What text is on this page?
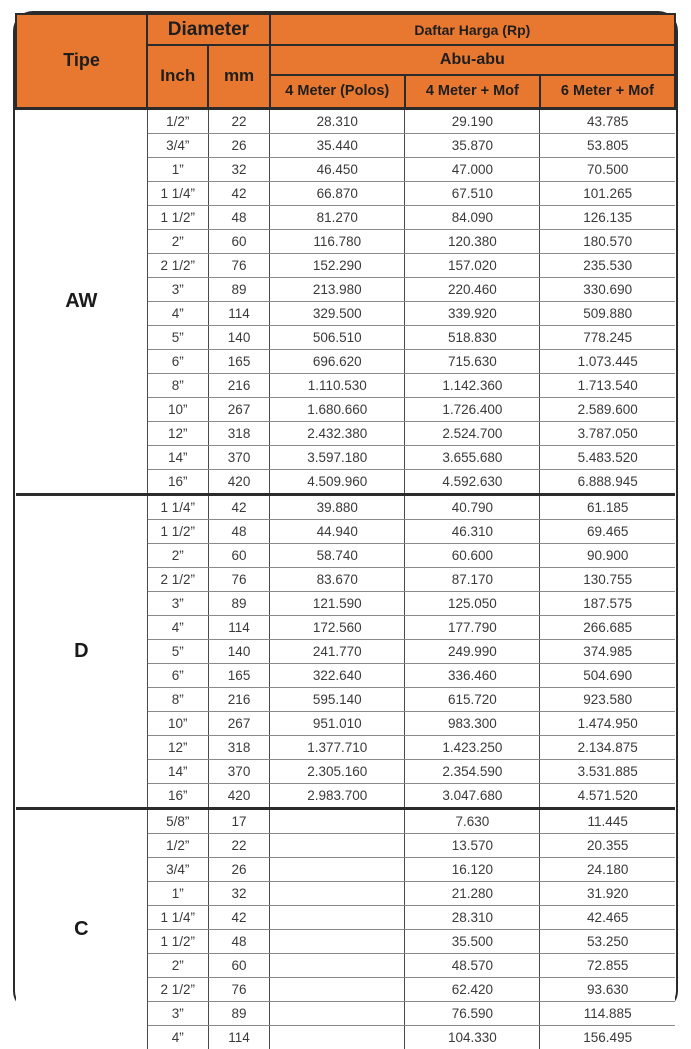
Tipe	Diameter		Daftar Harga (Rp)		
	Inch	mm	Abu-abu		
			4 Meter (Polos)	4 Meter + Mof	6 Meter + Mof
AW	1/2”	22	28.310	29.190	43.785
	3/4”	26	35.440	35.870	53.805
	1”	32	46.450	47.000	70.500
	1 1/4”	42	66.870	67.510	101.265
	1 1/2”	48	81.270	84.090	126.135
	2”	60	116.780	120.380	180.570
	2 1/2”	76	152.290	157.020	235.530
	3”	89	213.980	220.460	330.690
	4”	114	329.500	339.920	509.880
	5”	140	506.510	518.830	778.245
	6”	165	696.620	715.630	1.073.445
	8”	216	1.110.530	1.142.360	1.713.540
	10”	267	1.680.660	1.726.400	2.589.600
	12”	318	2.432.380	2.524.700	3.787.050
	14”	370	3.597.180	3.655.680	5.483.520
	16”	420	4.509.960	4.592.630	6.888.945
D	1 1/4”	42	39.880	40.790	61.185
	1 1/2”	48	44.940	46.310	69.465
	2”	60	58.740	60.600	90.900
	2 1/2”	76	83.670	87.170	130.755
	3”	89	121.590	125.050	187.575
	4”	114	172.560	177.790	266.685
	5”	140	241.770	249.990	374.985
	6”	165	322.640	336.460	504.690
	8”	216	595.140	615.720	923.580
	10”	267	951.010	983.300	1.474.950
	12”	318	1.377.710	1.423.250	2.134.875
	14”	370	2.305.160	2.354.590	3.531.885
	16”	420	2.983.700	3.047.680	4.571.520
C	5/8”	17		7.630	11.445
	1/2”	22		13.570	20.355
	3/4”	26		16.120	24.180
	1”	32		21.280	31.920
	1 1/4”	42		28.310	42.465
	1 1/2”	48		35.500	53.250
	2”	60		48.570	72.855
	2 1/2”	76		62.420	93.630
	3”	89		76.590	114.885
	4”	114		104.330	156.495
